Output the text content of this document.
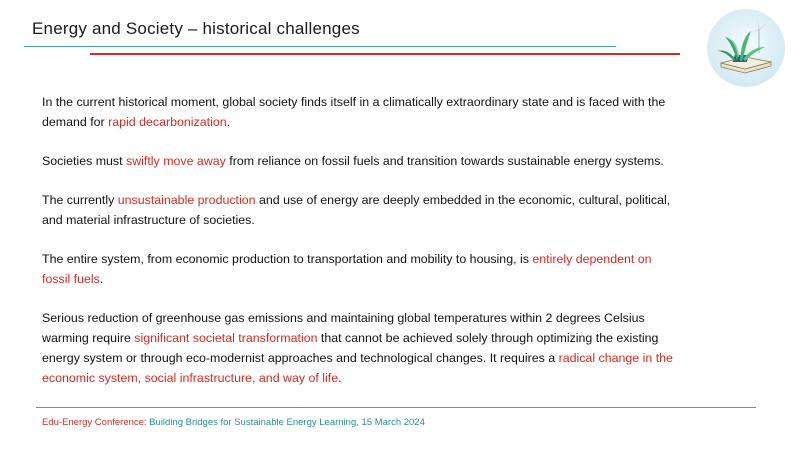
Energy and Society – historical challenges

In the current historical moment, global society finds itself in a climatically extraordinary state and is faced with the demand for rapid decarbonization.

Societies must swiftly move away from reliance on fossil fuels and transition towards sustainable energy systems.

The currently unsustainable production and use of energy are deeply embedded in the economic, cultural, political, and material infrastructure of societies.

The entire system, from economic production to transportation and mobility to housing, is entirely dependent on fossil fuels.

Serious reduction of greenhouse gas emissions and maintaining global temperatures within 2 degrees Celsius warming require significant societal transformation that cannot be achieved solely through optimizing the existing energy system or through eco-modernist approaches and technological changes. It requires a radical change in the economic system, social infrastructure, and way of life.

Edu-Energy Conference: Building Bridges for Sustainable Energy Learning, 15 March 2024
